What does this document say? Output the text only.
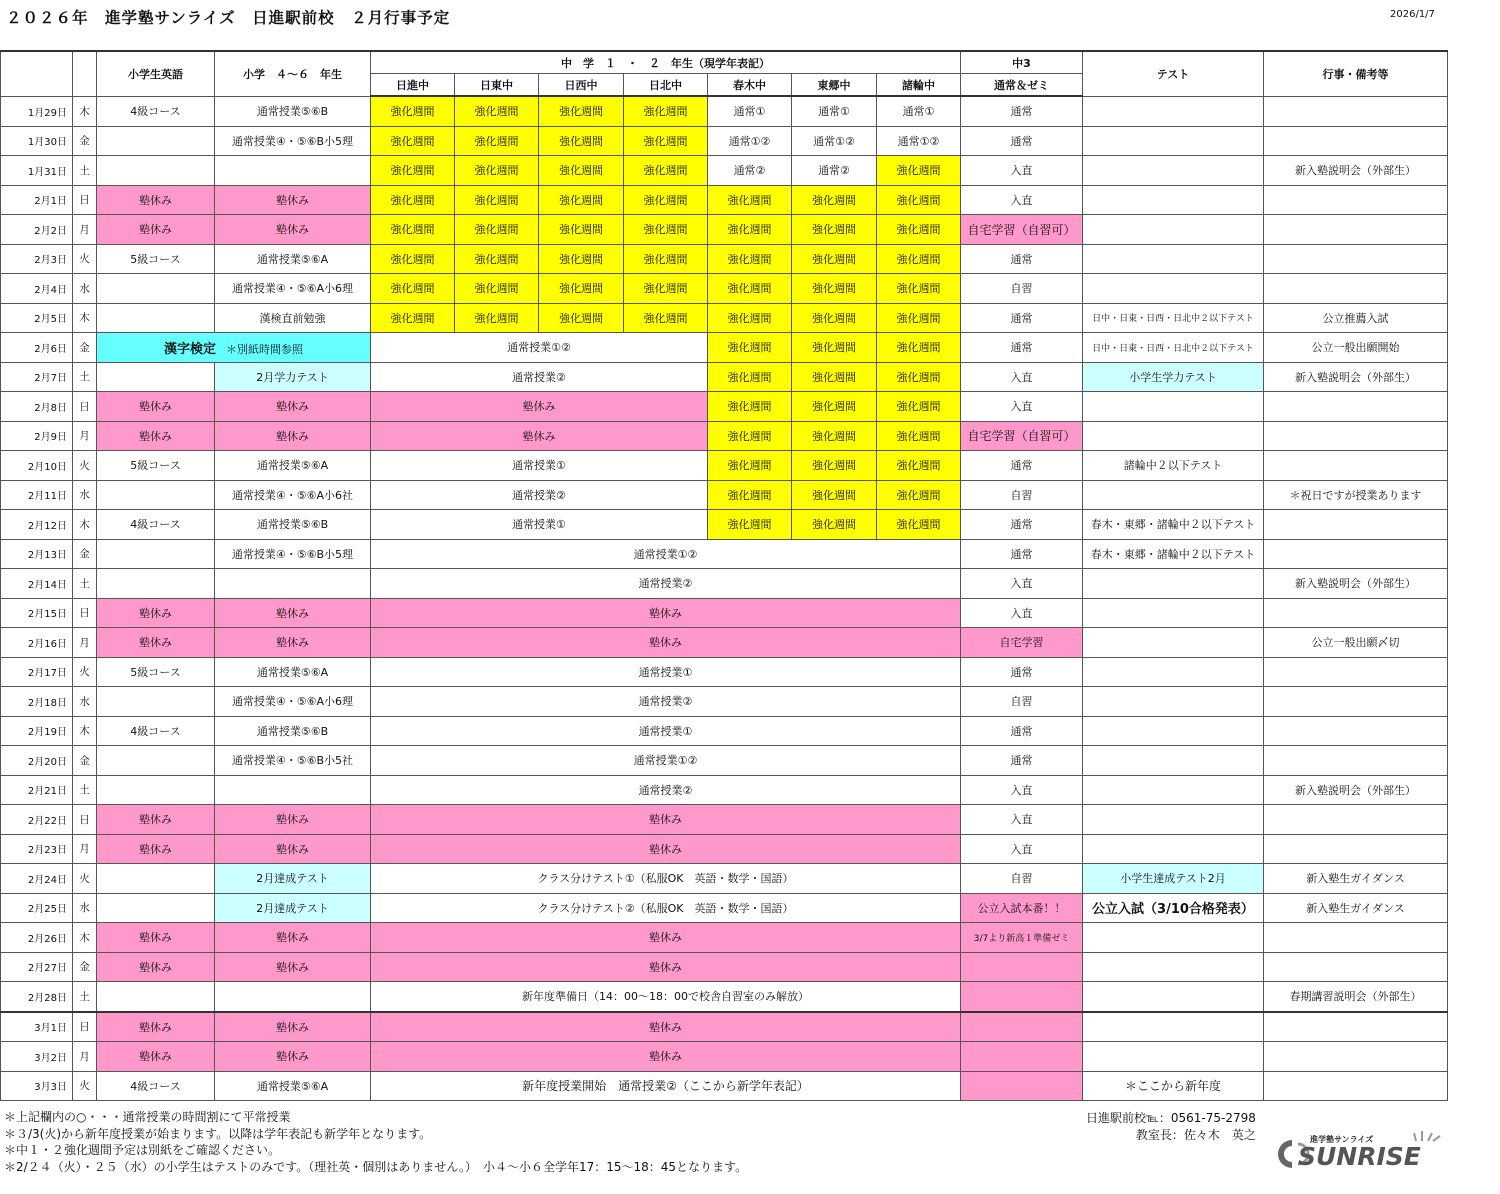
２０２６年　進学塾サンライズ　日進駅前校　２月行事予定	2026/1/7
		小学生英語	小学　４～６　年生	中　学　１　・　２　年生（現学年表記）							中3	テスト	行事・備考等
				日進中	日東中	日西中	日北中	春木中	東郷中	諸輪中	通常＆ゼミ		
1月29日	木	4級コース	通常授業⑤⑥B	強化週間	強化週間	強化週間	強化週間	通常①	通常①	通常①	通常		
1月30日	金		通常授業④・⑤⑥B小5理	強化週間	強化週間	強化週間	強化週間	通常①②	通常①②	通常①②	通常		
1月31日	土			強化週間	強化週間	強化週間	強化週間	通常②	通常②	強化週間	入直		新入塾説明会（外部生）
2月1日	日	塾休み	塾休み	強化週間	強化週間	強化週間	強化週間	強化週間	強化週間	強化週間	入直		
2月2日	月	塾休み	塾休み	強化週間	強化週間	強化週間	強化週間	強化週間	強化週間	強化週間	自宅学習（自習可）		
2月3日	火	5級コース	通常授業⑤⑥A	強化週間	強化週間	強化週間	強化週間	強化週間	強化週間	強化週間	通常		
2月4日	水		通常授業④・⑤⑥A小6理	強化週間	強化週間	強化週間	強化週間	強化週間	強化週間	強化週間	自習		
2月5日	木		漢検直前勉強	強化週間	強化週間	強化週間	強化週間	強化週間	強化週間	強化週間	通常	日中・日東・日西・日北中２以下テスト	公立推薦入試
2月6日	金	漢字検定 ＊別紙時間参照		通常授業①②				強化週間	強化週間	強化週間	通常	日中・日東・日西・日北中２以下テスト	公立一般出願開始
2月7日	土		2月学力テスト	通常授業②				強化週間	強化週間	強化週間	入直	小学生学力テスト	新入塾説明会（外部生）
2月8日	日	塾休み	塾休み	塾休み				強化週間	強化週間	強化週間	入直		
2月9日	月	塾休み	塾休み	塾休み				強化週間	強化週間	強化週間	自宅学習（自習可）		
2月10日	火	5級コース	通常授業⑤⑥A	通常授業①				強化週間	強化週間	強化週間	通常	諸輪中２以下テスト	
2月11日	水		通常授業④・⑤⑥A小6社	通常授業②				強化週間	強化週間	強化週間	自習		＊祝日ですが授業あります
2月12日	木	4級コース	通常授業⑤⑥B	通常授業①				強化週間	強化週間	強化週間	通常	春木・東郷・諸輪中２以下テスト	
2月13日	金		通常授業④・⑤⑥B小5理	通常授業①②							通常	春木・東郷・諸輪中２以下テスト	
2月14日	土			通常授業②							入直		新入塾説明会（外部生）
2月15日	日	塾休み	塾休み	塾休み							入直		
2月16日	月	塾休み	塾休み	塾休み							自宅学習		公立一般出願〆切
2月17日	火	5級コース	通常授業⑤⑥A	通常授業①							通常		
2月18日	水		通常授業④・⑤⑥A小6理	通常授業②							自習		
2月19日	木	4級コース	通常授業⑤⑥B	通常授業①							通常		
2月20日	金		通常授業④・⑤⑥B小5社	通常授業①②							通常		
2月21日	土			通常授業②							入直		新入塾説明会（外部生）
2月22日	日	塾休み	塾休み	塾休み							入直		
2月23日	月	塾休み	塾休み	塾休み							入直		
2月24日	火		2月達成テスト	クラス分けテスト①（私服OK　英語・数学・国語）							自習	小学生達成テスト2月	新入塾生ガイダンス
2月25日	水		2月達成テスト	クラス分けテスト②（私服OK　英語・数学・国語）							公立入試本番！！	公立入試（3/10合格発表）	新入塾生ガイダンス
2月26日	木	塾休み	塾休み	塾休み							3/7より新高１準備ゼミ		
2月27日	金	塾休み	塾休み	塾休み									
2月28日	土			新年度準備日（14：00～18：00で校舎自習室のみ解放）									春期講習説明会（外部生）
3月1日	日	塾休み	塾休み	塾休み									
3月2日	月	塾休み	塾休み	塾休み									
3月3日	火	4級コース	通常授業⑤⑥A	新年度授業開始　通常授業②（ここから新学年表記）								＊ここから新年度	
＊上記欄内の○・・・通常授業の時間割にて平常授業
＊３/3(火)から新年度授業が始まります。以降は学年表記も新学年となります。
＊中１・２強化週間予定は別紙をご確認ください。
＊2/２４（火）・２５（水）の小学生はテストのみです。（理社英・個別はありません。）　小４～小６全学年17：15～18：45となります。
日進駅前校℡：0561-75-2798
教室長：佐々木　英之	進学塾サンライズ
SUNRISE
